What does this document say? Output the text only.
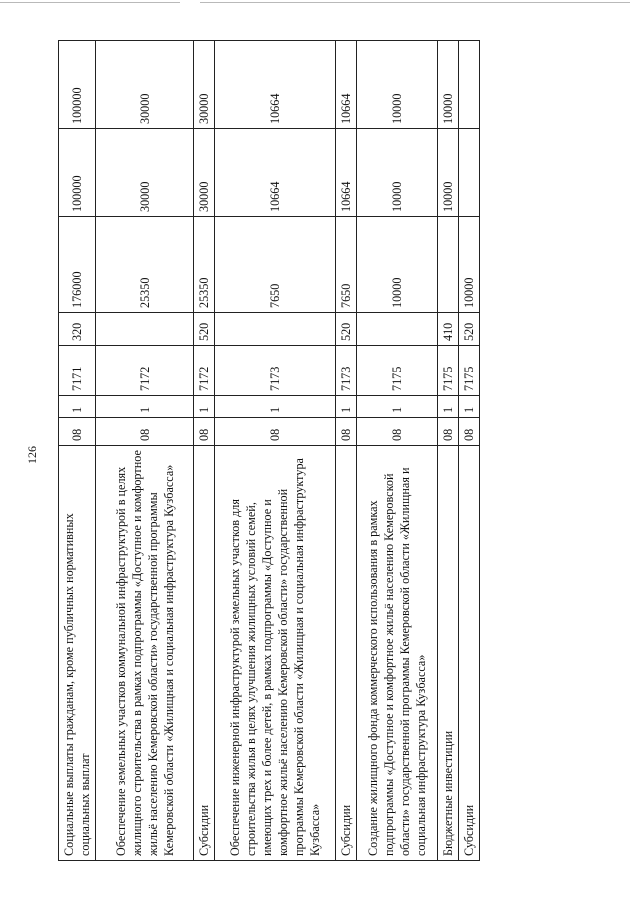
126
Социальные выплаты гражданам, кроме публичных нормативных социальных выплат	08	1	7171	320	176000	100000	100000
Обеспечение земельных участков коммунальной инфраструктурой в целях жилищного строительства в рамках подпрограммы «Доступное и комфортное жильё населению Кемеровской области» государственной программы Кемеровской области «Жилищная и социальная инфраструктура Кузбасса»	08	1	7172		25350	30000	30000
Субсидии	08	1	7172	520	25350	30000	30000
Обеспечение инженерной инфраструктурой земельных участков для строительства жилья в целях улучшения жилищных условий семей, имеющих трех и более детей, в рамках подпрограммы «Доступное и комфортное жильё населению Кемеровской области» государственной программы Кемеровской области «Жилищная и социальная инфраструктура Кузбасса»	08	1	7173		7650	10664	10664
Субсидии	08	1	7173	520	7650	10664	10664
Создание жилищного фонда коммерческого использования в рамках подпрограммы «Доступное и комфортное жильё населению Кемеровской области» государственной программы Кемеровской области «Жилищная и социальная инфраструктура Кузбасса»	08	1	7175		10000	10000	10000
Бюджетные инвестиции	08	1	7175	410		10000	10000
Субсидии	08	1	7175	520	10000		
